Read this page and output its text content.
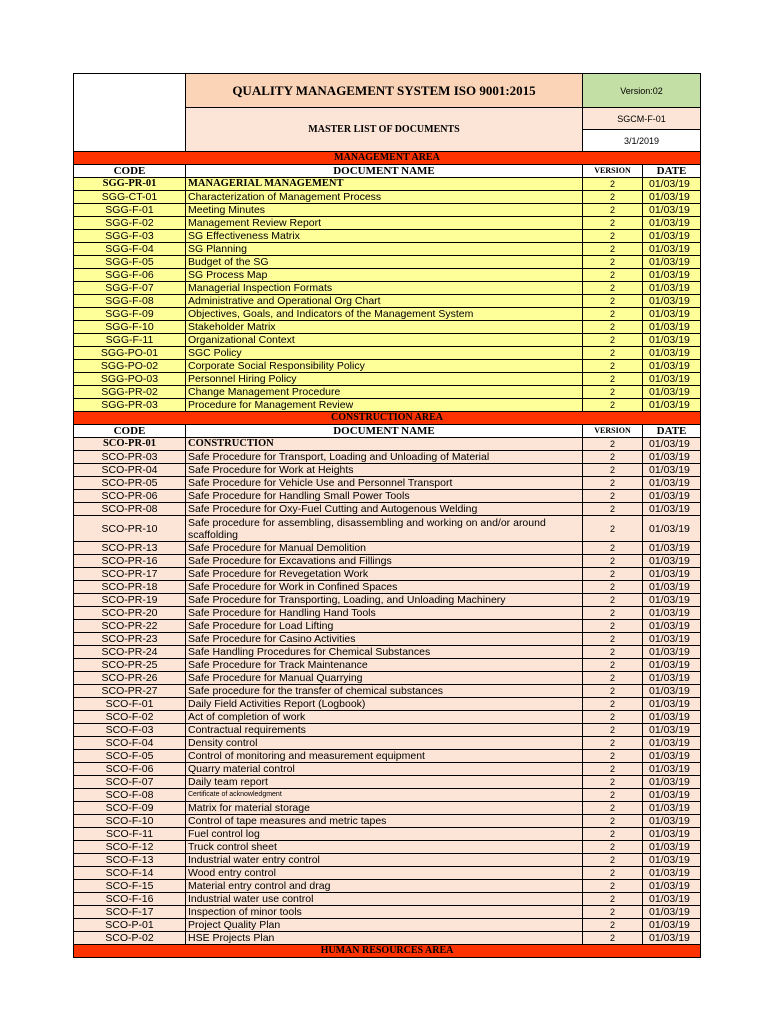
	QUALITY MANAGEMENT SYSTEM ISO 9001:2015	Version:02	
	MASTER LIST OF DOCUMENTS	SGCM-F-01	
		3/1/2019	
MANAGEMENT AREA			
CODE	DOCUMENT NAME	VERSION	DATE
SGG-PR-01	MANAGERIAL MANAGEMENT	2	01/03/19
SGG-CT-01	Characterization of Management Process	2	01/03/19
SGG-F-01	Meeting Minutes	2	01/03/19
SGG-F-02	Management Review Report	2	01/03/19
SGG-F-03	SG Effectiveness Matrix	2	01/03/19
SGG-F-04	SG Planning	2	01/03/19
SGG-F-05	Budget of the SG	2	01/03/19
SGG-F-06	SG Process Map	2	01/03/19
SGG-F-07	Managerial Inspection Formats	2	01/03/19
SGG-F-08	Administrative and Operational Org Chart	2	01/03/19
SGG-F-09	Objectives, Goals, and Indicators of the Management System	2	01/03/19
SGG-F-10	Stakeholder Matrix	2	01/03/19
SGG-F-11	Organizational Context	2	01/03/19
SGG-PO-01	SGC Policy	2	01/03/19
SGG-PO-02	Corporate Social Responsibility Policy	2	01/03/19
SGG-PO-03	Personnel Hiring Policy	2	01/03/19
SGG-PR-02	Change Management Procedure	2	01/03/19
SGG-PR-03	Procedure for Management Review	2	01/03/19
CONSTRUCTION AREA			
CODE	DOCUMENT NAME	VERSION	DATE
SCO-PR-01	CONSTRUCTION	2	01/03/19
SCO-PR-03	Safe Procedure for Transport, Loading and Unloading of Material	2	01/03/19
SCO-PR-04	Safe Procedure for Work at Heights	2	01/03/19
SCO-PR-05	Safe Procedure for Vehicle Use and Personnel Transport	2	01/03/19
SCO-PR-06	Safe Procedure for Handling Small Power Tools	2	01/03/19
SCO-PR-08	Safe Procedure for Oxy-Fuel Cutting and Autogenous Welding	2	01/03/19
SCO-PR-10	Safe procedure for assembling, disassembling and working on and/or around scaffolding	2	01/03/19
SCO-PR-13	Safe Procedure for Manual Demolition	2	01/03/19
SCO-PR-16	Safe Procedure for Excavations and Fillings	2	01/03/19
SCO-PR-17	Safe Procedure for Revegetation Work	2	01/03/19
SCO-PR-18	Safe Procedure for Work in Confined Spaces	2	01/03/19
SCO-PR-19	Safe Procedure for Transporting, Loading, and Unloading Machinery	2	01/03/19
SCO-PR-20	Safe Procedure for Handling Hand Tools	2	01/03/19
SCO-PR-22	Safe Procedure for Load Lifting	2	01/03/19
SCO-PR-23	Safe Procedure for Casino Activities	2	01/03/19
SCO-PR-24	Safe Handling Procedures for Chemical Substances	2	01/03/19
SCO-PR-25	Safe Procedure for Track Maintenance	2	01/03/19
SCO-PR-26	Safe Procedure for Manual Quarrying	2	01/03/19
SCO-PR-27	Safe procedure for the transfer of chemical substances	2	01/03/19
SCO-F-01	Daily Field Activities Report (Logbook)	2	01/03/19
SCO-F-02	Act of completion of work	2	01/03/19
SCO-F-03	Contractual requirements	2	01/03/19
SCO-F-04	Density control	2	01/03/19
SCO-F-05	Control of monitoring and measurement equipment	2	01/03/19
SCO-F-06	Quarry material control	2	01/03/19
SCO-F-07	Daily team report	2	01/03/19
SCO-F-08	Certificate of acknowledgment	2	01/03/19
SCO-F-09	Matrix for material storage	2	01/03/19
SCO-F-10	Control of tape measures and metric tapes	2	01/03/19
SCO-F-11	Fuel control log	2	01/03/19
SCO-F-12	Truck control sheet	2	01/03/19
SCO-F-13	Industrial water entry control	2	01/03/19
SCO-F-14	Wood entry control	2	01/03/19
SCO-F-15	Material entry control and drag	2	01/03/19
SCO-F-16	Industrial water use control	2	01/03/19
SCO-F-17	Inspection of minor tools	2	01/03/19
SCO-P-01	Project Quality Plan	2	01/03/19
SCO-P-02	HSE Projects Plan	2	01/03/19
HUMAN RESOURCES AREA			
